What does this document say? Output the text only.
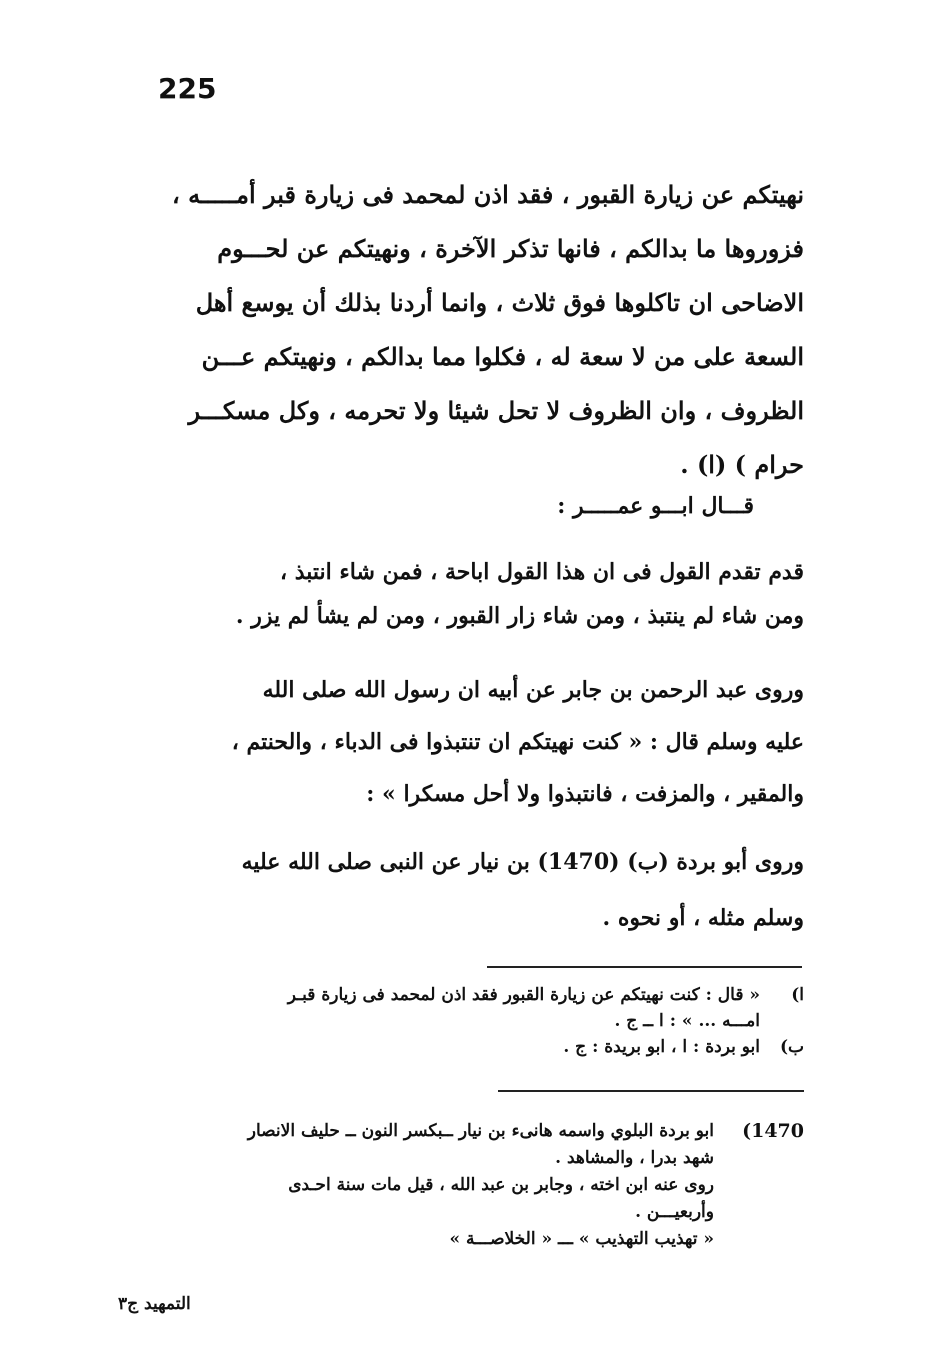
225
نهيتكم عن زيارة القبور ، فقد اذن لمحمد فى زيارة قبر أمـــــه ،
فزوروها ما بدالكم ، فانها تذكر الآخرة ، ونهيتكم عن لحـــوم
الاضاحى ان تاكلوها فوق ثلاث ، وانما أردنا بذلك أن يوسع أهل
السعة على من لا سعة له ، فكلوا مما بدالكم ، ونهيتكم عـــن
الظروف ، وان الظروف لا تحل شيئا ولا تحرمه ، وكل مسكـــر
حرام ) (ا) .
قـــال ابـــو عمـــــر :
قدم تقدم القول فى ان هذا القول اباحة ، فمن شاء انتبذ ،
ومن شاء لم ينتبذ ، ومن شاء زار القبور ، ومن لم يشأ لم يزر .
وروى عبد الرحمن بن جابر عن أبيه ان رسول الله صلى الله
عليه وسلم قال : « كنت نهيتكم ان تنتبذوا فى الدباء ، والحنتم ،
والمقير ، والمزفت ، فانتبذوا ولا أحل مسكرا » :
وروى أبو بردة (ب) (1470) بن نيار عن النبى صلى الله عليه
وسلم مثله ، أو نحوه .
ا)
« قال : كنت نهيتكم عن زيارة القبور فقد اذن لمحمد فى زيارة قبـر
امـــه ... » : ا ــ ج .
ب)
ابو بردة : ا ، ابو بريدة : ج .
1470)
ابو بردة البلوي واسمه هانىء بن نيار ــبكسر النون ــ حليف الانصار
شهد بدرا ، والمشاهد .
روى عنه ابن اخته ، وجابر بن عبد الله ، قيل مات سنة احـدى
وأربعيـــن .
« تهذيب التهذيب » ـــ « الخلاصـــة »
التمهيد ج٣
